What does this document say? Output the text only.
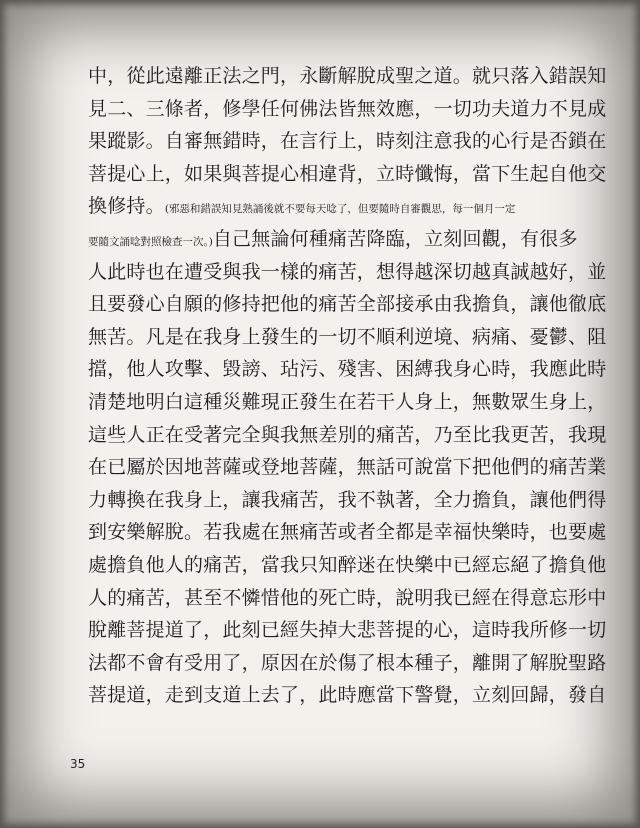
中，從此遠離正法之門，永斷解脫成聖之道。就只落入錯誤知
見二、三條者，修學任何佛法皆無效應，一切功夫道力不見成
果蹤影。自審無錯時，在言行上，時刻注意我的心行是否鎖在
菩提心上，如果與菩提心相違背，立時懺悔，當下生起自他交
換修持。(邪惡和錯誤知見熟誦後就不要每天唸了，但要隨時自審觀思，每一個月一定
要隨文誦唸對照檢查一次。)自己無論何種痛苦降臨，立刻回觀，有很多
人此時也在遭受與我一樣的痛苦，想得越深切越真誠越好，並
且要發心自願的修持把他的痛苦全部接承由我擔負，讓他徹底
無苦。凡是在我身上發生的一切不順利逆境、病痛、憂鬱、阻
擋，他人攻擊、毀謗、玷污、殘害、困縛我身心時，我應此時
清楚地明白這種災難現正發生在若干人身上，無數眾生身上，
這些人正在受著完全與我無差別的痛苦，乃至比我更苦，我現
在已屬於因地菩薩或登地菩薩，無話可說當下把他們的痛苦業
力轉換在我身上，讓我痛苦，我不執著，全力擔負，讓他們得
到安樂解脫。若我處在無痛苦或者全都是幸福快樂時，也要處
處擔負他人的痛苦，當我只知醉迷在快樂中已經忘絕了擔負他
人的痛苦，甚至不憐惜他的死亡時，說明我已經在得意忘形中
脫離菩提道了，此刻已經失掉大悲菩提的心，這時我所修一切
法都不會有受用了，原因在於傷了根本種子，離開了解脫聖路
菩提道，走到支道上去了，此時應當下警覺，立刻回歸，發自
35
